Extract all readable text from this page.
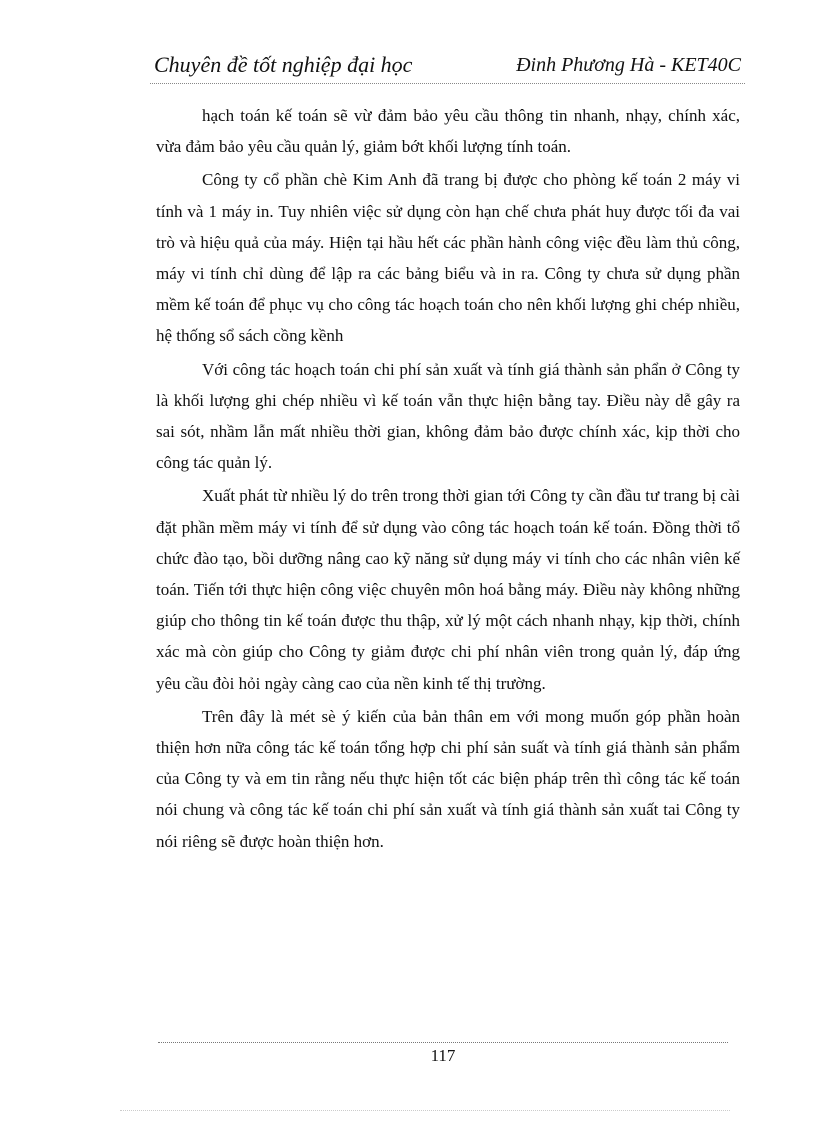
Chuyên đề tốt nghiệp đại học	Đinh Phương Hà - KET40C

hạch toán kế toán sẽ vừ đảm bảo yêu cầu thông tin nhanh, nhạy, chính xác, vừa đảm bảo yêu cầu quản lý, giảm bớt khối lượng tính toán.

Công ty cổ phần chè Kim Anh đã trang bị được cho phòng kế toán 2 máy vi tính và 1 máy in. Tuy nhiên việc sử dụng còn hạn chế chưa phát huy được tối đa vai trò và hiệu quả của máy. Hiện tại hầu hết các phần hành công việc đều làm thủ công, máy vi tính chỉ dùng để lập ra các bảng biểu và in ra. Công ty chưa sử dụng phần mềm kế toán để phục vụ cho công tác hoạch toán cho nên khối lượng ghi chép nhiều, hệ thống sổ sách cồng kềnh

Với công tác hoạch toán chi phí sản xuất và tính giá thành sản phẩn ở Công ty là khối lượng ghi chép nhiều vì kế toán vẫn thực hiện bằng tay. Điều này dễ gây ra sai sót, nhầm lẫn mất nhiều thời gian, không đảm bảo được chính xác, kịp thời cho công tác quản lý.

Xuất phát từ nhiều lý do trên trong thời gian tới Công ty cần đầu tư trang bị cài đặt phần mềm máy vi tính để sử dụng vào công tác hoạch toán kế toán. Đồng thời tổ chức đào tạo, bồi dưỡng nâng cao kỹ năng sử dụng máy vi tính cho các nhân viên kế toán. Tiến tới thực hiện công việc chuyên môn hoá bằng máy. Điều này không những giúp cho thông tin kế toán được thu thập, xử lý một cách nhanh nhạy, kịp thời, chính xác mà còn giúp cho Công ty giảm được chi phí nhân viên trong quản lý, đáp ứng yêu cầu đòi hỏi ngày càng cao của nền kinh tế thị trường.

Trên đây là mét sè ý kiến của bản thân em với mong muốn góp phần hoàn thiện hơn nữa công tác kế toán tổng hợp chi phí sản suất và tính giá thành sản phẩm của Công ty và em tin rằng nếu thực hiện tốt các biện pháp trên thì công tác kế toán nói chung và công tác kế toán chi phí sản xuất và tính giá thành sản xuất tai Công ty nói riêng sẽ được hoàn thiện hơn.

117
